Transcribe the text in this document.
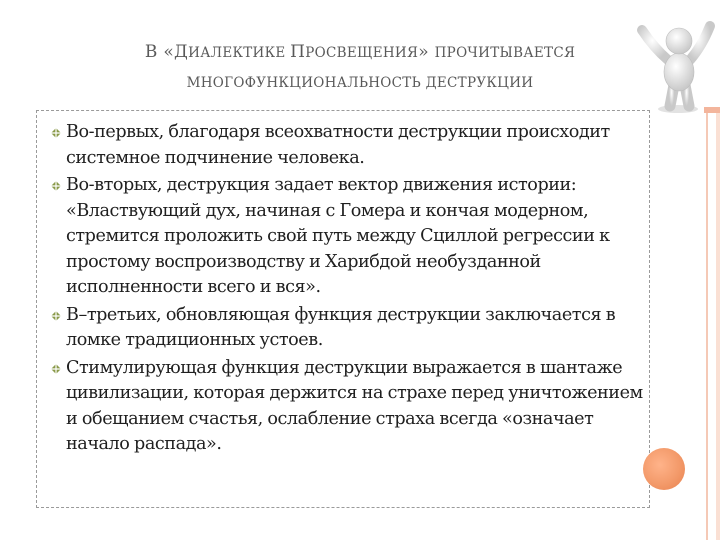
В «ДИАЛЕКТИКЕ ПРОСВЕЩЕНИЯ» ПРОЧИТЫВАЕТСЯ
МНОГОФУНКЦИОНАЛЬНОСТЬ ДЕСТРУКЦИИ
Во-первых, благодаря всеохватности деструкции происходит системное подчинение человека.
Во-вторых, деструкция задает вектор движения истории: «Властвующий дух, начиная с Гомера и кончая модерном, стремится проложить свой путь между Сциллой регрессии к простому воспроизводству и Харибдой необузданной исполненности всего и вся».
В–третьих, обновляющая функция деструкции заключается в ломке традиционных устоев.
Стимулирующая функция деструкции выражается в шантаже цивилизации, которая держится на страхе перед уничтожением и обещанием счастья, ослабление страха всегда «означает начало распада».
